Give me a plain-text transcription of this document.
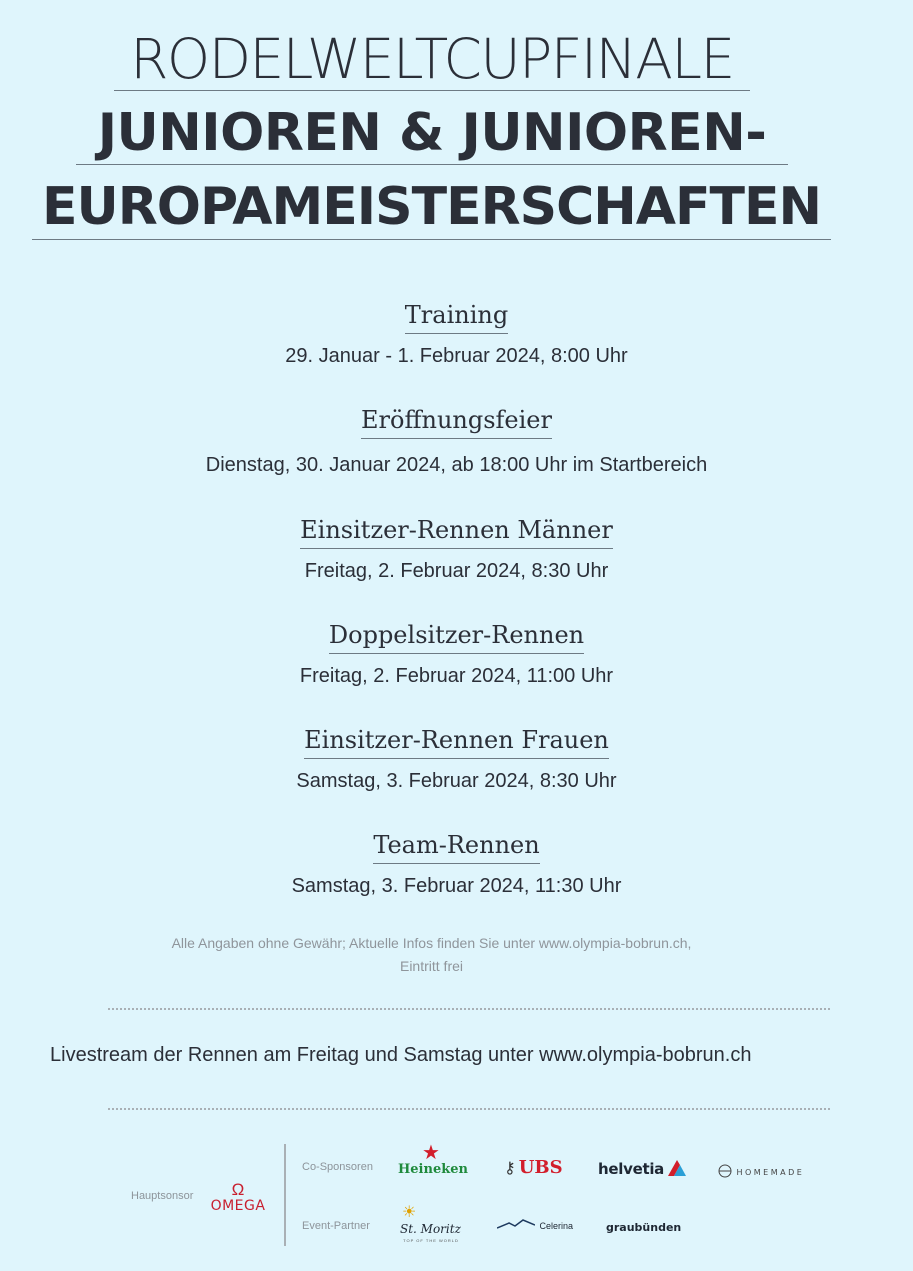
RODELWELTCUPFINALE
JUNIOREN & JUNIOREN-
EUROPAMEISTERSCHAFTEN
Training
29. Januar - 1. Februar 2024, 8:00 Uhr
Eröffnungsfeier
Dienstag, 30. Januar 2024, ab 18:00 Uhr im Startbereich
Einsitzer-Rennen Männer
Freitag, 2. Februar 2024, 8:30 Uhr
Doppelsitzer-Rennen
Freitag, 2. Februar 2024, 11:00 Uhr
Einsitzer-Rennen Frauen
Samstag, 3. Februar 2024, 8:30 Uhr
Team-Rennen
Samstag, 3. Februar 2024, 11:30 Uhr
Alle Angaben ohne Gewähr; Aktuelle Infos finden Sie unter www.olympia-bobrun.ch,
Eintritt frei
Livestream der Rennen am Freitag und Samstag unter www.olympia-bobrun.ch
Hauptsonsor	Ω
OMEGA
Co-Sponsoren
Event-Partner
★
Heineken ⚷ UBS helvetia	HOMEMADE
☀
St. Moritz
TOP OF THE WORLD
Celerina	graubünden
